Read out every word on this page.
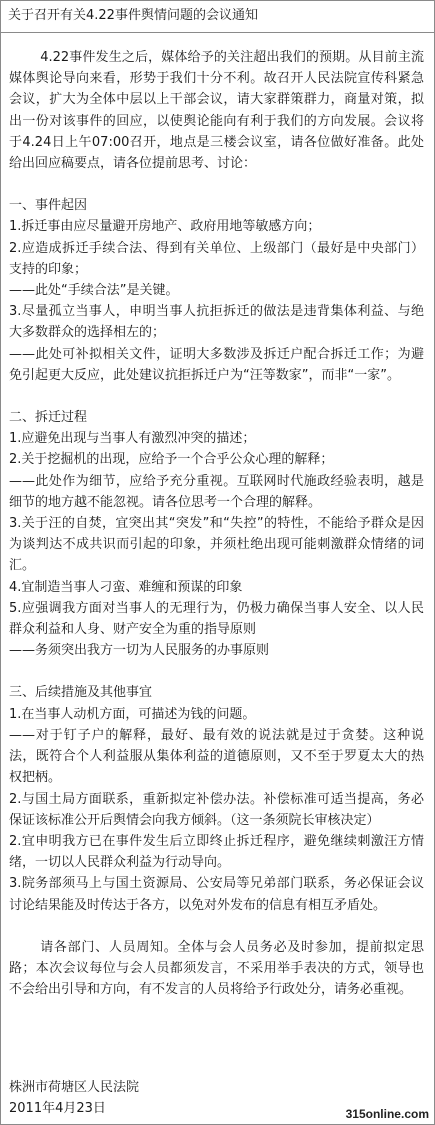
关于召开有关4.22事件舆情问题的会议通知

4.22事件发生之后，媒体给予的关注超出我们的预期。从目前主流媒体舆论导向来看，形势于我们十分不利。故召开人民法院宣传科紧急会议，扩大为全体中层以上干部会议，请大家群策群力，商量对策，拟出一份对该事件的回应，以使舆论能向有利于我们的方向发展。会议将于4.24日上午07:00召开，地点是三楼会议室，请各位做好准备。此处给出回应稿要点，请各位提前思考、讨论：

一、事件起因

1.拆迁事由应尽量避开房地产、政府用地等敏感方向；

2.应造成拆迁手续合法、得到有关单位、上级部门（最好是中央部门）支持的印象；

——此处“手续合法”是关键。

3.尽量孤立当事人，申明当事人抗拒拆迁的做法是违背集体利益、与绝大多数群众的选择相左的；

——此处可补拟相关文件，证明大多数涉及拆迁户配合拆迁工作；为避免引起更大反应，此处建议抗拒拆迁户为“汪等数家”，而非“一家”。

二、拆迁过程

1.应避免出现与当事人有激烈冲突的描述；

2.关于挖掘机的出现，应给予一个合乎公众心理的解释；

——此处作为细节，应给予充分重视。互联网时代施政经验表明，越是细节的地方越不能忽视。请各位思考一个合理的解释。

3.关于汪的自焚，宜突出其“突发”和“失控”的特性，不能给予群众是因为谈判达不成共识而引起的印象，并须杜绝出现可能刺激群众情绪的词汇。

4.宜制造当事人刁蛮、难缠和预谋的印象

5.应强调我方面对当事人的无理行为，仍极力确保当事人安全、以人民群众利益和人身、财产安全为重的指导原则

——务须突出我方一切为人民服务的办事原则

三、后续措施及其他事宜

1.在当事人动机方面，可描述为钱的问题。

——对于钉子户的解释，最好、最有效的说法就是过于贪婪。这种说法，既符合个人利益服从集体利益的道德原则，又不至于罗夏太大的热权把柄。

2.与国土局方面联系，重新拟定补偿办法。补偿标准可适当提高，务必保证该标准公开后舆情会向我方倾斜。（这一条须院长审核决定）

2.宜申明我方已在事件发生后立即终止拆迁程序，避免继续刺激汪方情绪，一切以人民群众利益为行动导向。

3.院务部须马上与国土资源局、公安局等兄弟部门联系，务必保证会议讨论结果能及时传达于各方，以免对外发布的信息有相互矛盾处。

请各部门、人员周知。全体与会人员务必及时参加，提前拟定思路；本次会议每位与会人员都须发言，不采用举手表决的方式，领导也不会给出引导和方向，有不发言的人员将给予行政处分，请务必重视。

株洲市荷塘区人民法院
2011年4月23日	315online.com
